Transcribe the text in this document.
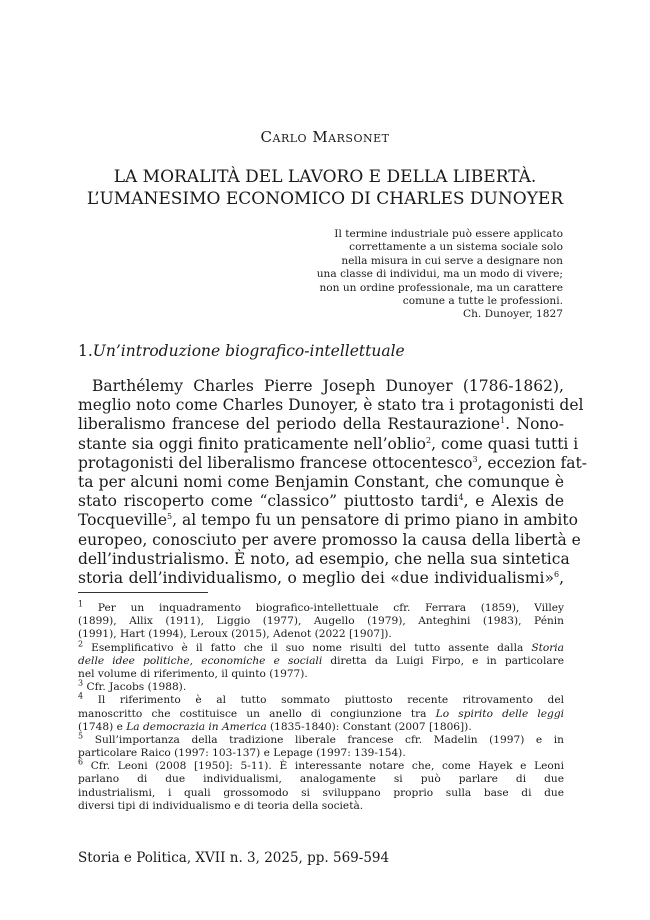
Carlo Marsonet
LA MORALITÀ DEL LAVORO E DELLA LIBERTÀ.
L’UMANESIMO ECONOMICO DI CHARLES DUNOYER
Il termine industriale può essere applicato
correttamente a un sistema sociale solo
nella misura in cui serve a designare non
una classe di individui, ma un modo di vivere;
non un ordine professionale, ma un carattere
comune a tutte le professioni.
Ch. Dunoyer, 1827
1.Un’introduzione biografico-intellettuale
Barthélemy Charles Pierre Joseph Dunoyer (1786-1862),
meglio noto come Charles Dunoyer, è stato tra i protagonisti del
liberalismo francese del periodo della Restaurazione$^1$. Nono-
stante sia oggi finito praticamente nell’oblio$^2$, come quasi tutti i
protagonisti del liberalismo francese ottocentesco$^3$, eccezion fat-
ta per alcuni nomi come Benjamin Constant, che comunque è
stato riscoperto come “classico” piuttosto tardi$^4$, e Alexis de
Tocqueville$^5$, al tempo fu un pensatore di primo piano in ambito
europeo, conosciuto per avere promosso la causa della libertà e
dell’industrialismo. È noto, ad esempio, che nella sua sintetica
storia dell’individualismo, o meglio dei «due individualismi»$^6$,
$^1$ Per un inquadramento biografico-intellettuale cfr. Ferrara (1859), Villey
(1899), Allix (1911), Liggio (1977), Augello (1979), Anteghini (1983), Pénin
(1991), Hart (1994), Leroux (2015), Adenot (2022 [1907]).
$^2$ Esemplificativo è il fatto che il suo nome risulti del tutto assente dalla Storia
delle idee politiche, economiche e sociali diretta da Luigi Firpo, e in particolare
nel volume di riferimento, il quinto (1977).
$^3$ Cfr. Jacobs (1988).
$^4$ Il riferimento è al tutto sommato piuttosto recente ritrovamento del
manoscritto che costituisce un anello di congiunzione tra Lo spirito delle leggi
(1748) e La democrazia in America (1835-1840): Constant (2007 [1806]).
$^5$ Sull’importanza della tradizione liberale francese cfr. Madelin (1997) e in
particolare Raico (1997: 103-137) e Lepage (1997: 139-154).
$^6$ Cfr. Leoni (2008 [1950]: 5-11). È interessante notare che, come Hayek e Leoni
parlano di due individualismi, analogamente si può parlare di due
industrialismi, i quali grossomodo si sviluppano proprio sulla base di due
diversi tipi di individualismo e di teoria della società.
Storia e Politica, XVII n. 3, 2025, pp. 569-594
